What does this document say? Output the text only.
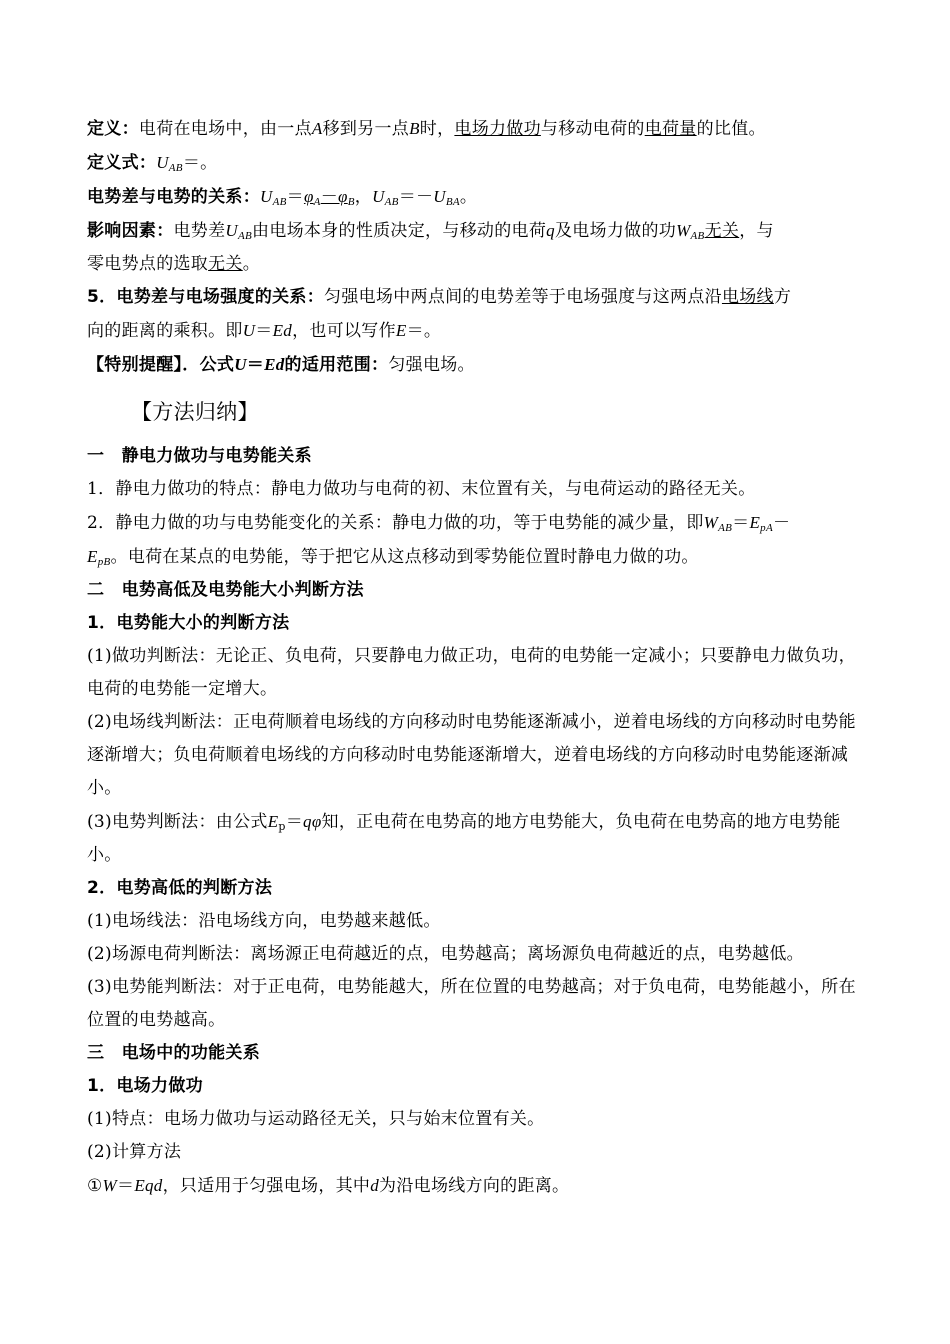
定义：电荷在电场中，由一点A移到另一点B时，电场力做功与移动电荷的电荷量的比值。

定义式：$U_{AB}=$。

电势差与电势的关系：$U_{AB}=\varphi_A-\varphi_B$，$U_{AB}=-U_{BA}$。

影响因素：电势差$U_{AB}$由电场本身的性质决定，与移动的电荷q及电场力做的功$W_{AB}$无关，与

零电势点的选取无关。

5．电势差与电场强度的关系：匀强电场中两点间的电势差等于电场强度与这两点沿电场线方

向的距离的乘积。即U＝Ed，也可以写作E＝。

【特别提醒】．公式U＝Ed的适用范围：匀强电场。

【方法归纳】

一　静电力做功与电势能关系

1．静电力做功的特点：静电力做功与电荷的初、末位置有关，与电荷运动的路径无关。

2．静电力做的功与电势能变化的关系：静电力做的功，等于电势能的减少量，即$W_{AB}=E_{pA}-$

$E_{pB}$。电荷在某点的电势能，等于把它从这点移动到零势能位置时静电力做的功。

二　电势高低及电势能大小判断方法

1．电势能大小的判断方法

(1)做功判断法：无论正、负电荷，只要静电力做正功，电荷的电势能一定减小；只要静电力做负功，电荷的电势能一定增大。

(2)电场线判断法：正电荷顺着电场线的方向移动时电势能逐渐减小，逆着电场线的方向移动时电势能逐渐增大；负电荷顺着电场线的方向移动时电势能逐渐增大，逆着电场线的方向移动时电势能逐渐减小。

(3)电势判断法：由公式$E_p=q\varphi$知，正电荷在电势高的地方电势能大，负电荷在电势高的地方电势能小。

2．电势高低的判断方法

(1)电场线法：沿电场线方向，电势越来越低。

(2)场源电荷判断法：离场源正电荷越近的点，电势越高；离场源负电荷越近的点，电势越低。

(3)电势能判断法：对于正电荷，电势能越大，所在位置的电势越高；对于负电荷，电势能越小，所在位置的电势越高。

三　电场中的功能关系

1．电场力做功

(1)特点：电场力做功与运动路径无关，只与始末位置有关。

(2)计算方法

①W＝Eqd，只适用于匀强电场，其中d为沿电场线方向的距离。
